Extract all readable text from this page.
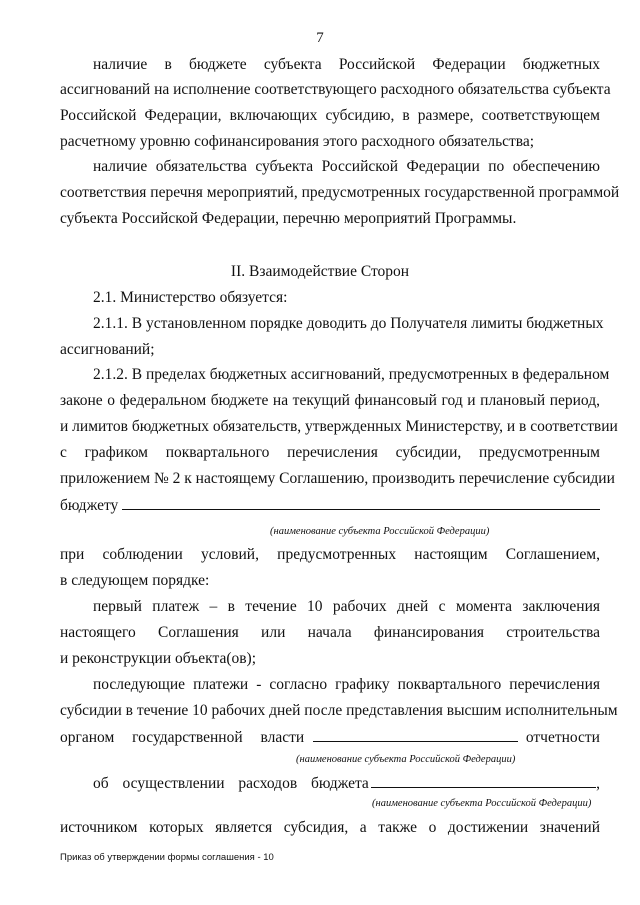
7
наличие в бюджете субъекта Российской Федерации бюджетных
ассигнований на исполнение соответствующего расходного обязательства субъекта
Российской Федерации, включающих субсидию, в размере, соответствующем
расчетному уровню софинансирования этого расходного обязательства;
наличие обязательства субъекта Российской Федерации по обеспечению
соответствия перечня мероприятий, предусмотренных государственной программой
субъекта Российской Федерации, перечню мероприятий Программы.
II. Взаимодействие Сторон
2.1. Министерство обязуется:
2.1.1. В установленном порядке доводить до Получателя лимиты бюджетных
ассигнований;
2.1.2. В пределах бюджетных ассигнований, предусмотренных в федеральном
законе о федеральном бюджете на текущий финансовый год и плановый период,
и лимитов бюджетных обязательств, утвержденных Министерству, и в соответствии
с графиком поквартального перечисления субсидии, предусмотренным
приложением № 2 к настоящему Соглашению, производить перечисление субсидии
бюджету
(наименование субъекта Российской Федерации)
при соблюдении условий, предусмотренных настоящим Соглашением,
в следующем порядке:
первый платеж – в течение 10 рабочих дней с момента заключения
настоящего Соглашения или начала финансирования строительства
и реконструкции объекта(ов);
последующие платежи - согласно графику поквартального перечисления
субсидии в течение 10 рабочих дней после представления высшим исполнительным
органом государственной власти	отчетности
(наименование субъекта Российской Федерации)
об осуществлении расходов бюджета	,
(наименование субъекта Российской Федерации)
источником которых является субсидия, а также о достижении значений
Приказ об утверждении формы соглашения - 10
